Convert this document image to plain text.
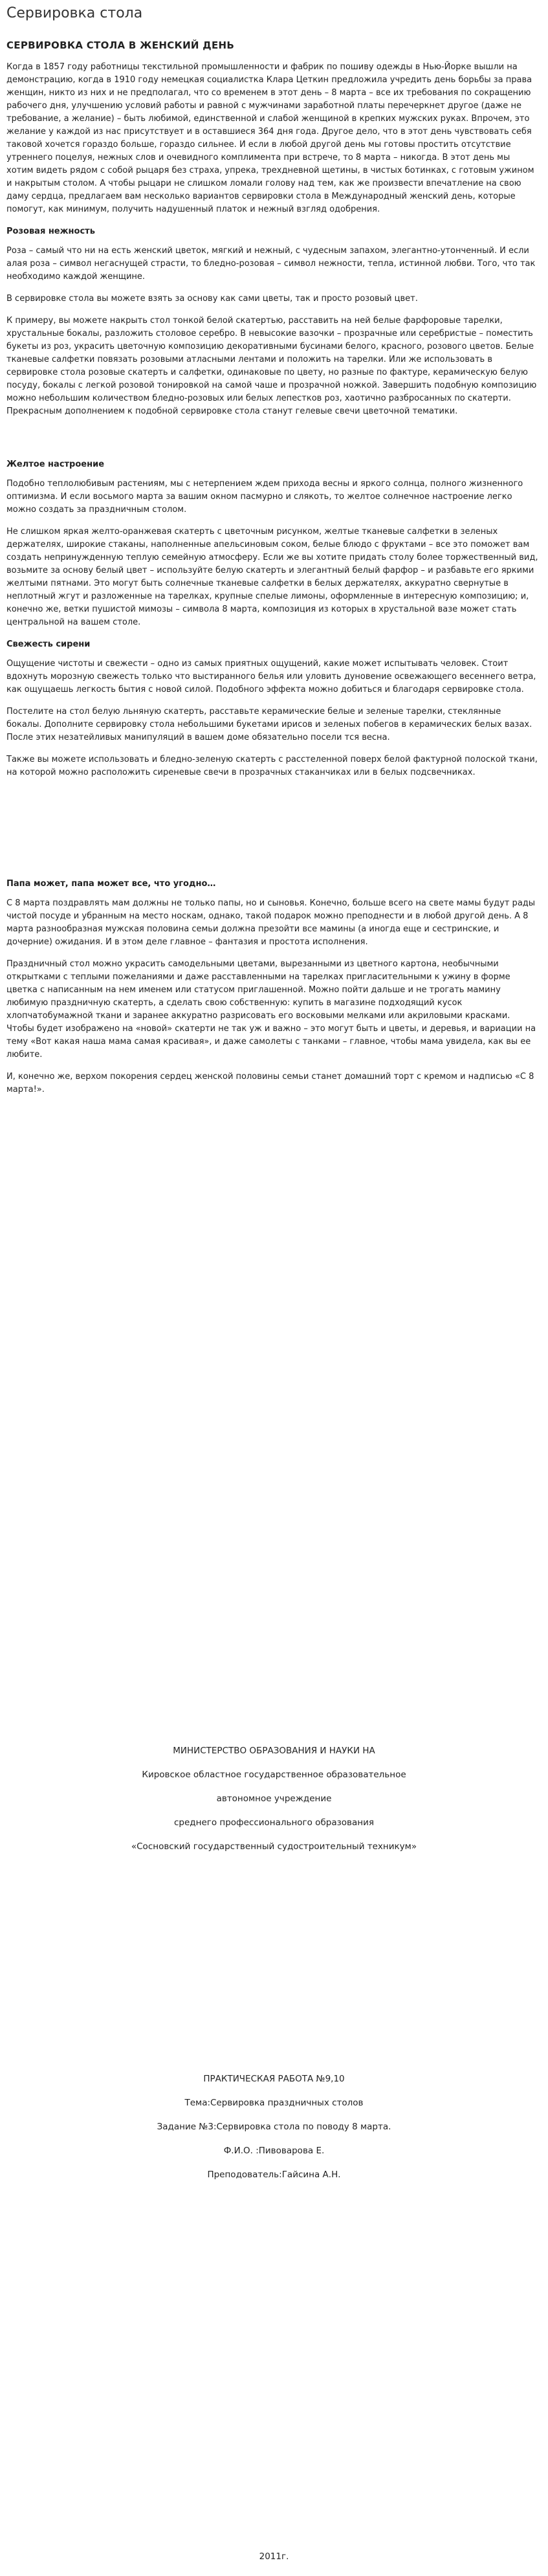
Сервировка стола
СЕРВИРОВКА СТОЛА В ЖЕНСКИЙ ДЕНЬ

Когда в 1857 году работницы текстильной промышленности и фабрик по пошиву одежды в Нью-Йорке вышли на демонстрацию, когда в 1910 году немецкая социалистка Клара Цеткин предложила учредить день борьбы за права женщин, никто из них и не предполагал, что со временем в этот день – 8 марта – все их требования по сокращению рабочего дня, улучшению условий работы и равной с мужчинами заработной платы перечеркнет другое (даже не требование, а желание) – быть любимой, единственной и слабой женщиной в крепких мужских руках. Впрочем, это желание у каждой из нас присутствует и в оставшиеся 364 дня года. Другое дело, что в этот день чувствовать себя таковой хочется гораздо больше, гораздо сильнее. И если в любой другой день мы готовы простить отсутствие утреннего поцелуя, нежных слов и очевидного комплимента при встрече, то 8 марта – никогда. В этот день мы хотим видеть рядом с собой рыцаря без страха, упрека, трехдневной щетины, в чистых ботинках, с готовым ужином и накрытым столом. А чтобы рыцари не слишком ломали голову над тем, как же произвести впечатление на свою даму сердца, предлагаем вам несколько вариантов сервировки стола в Международный женский день, которые помогут, как минимум, получить надушенный платок и нежный взгляд одобрения.

Розовая нежность

Роза – самый что ни на есть женский цветок, мягкий и нежный, с чудесным запахом, элегантно-утонченный. И если алая роза – символ негаснущей страсти, то бледно-розовая – символ нежности, тепла, истинной любви. Того, что так необходимо каждой женщине.

В сервировке стола вы можете взять за основу как сами цветы, так и просто розовый цвет.

К примеру, вы можете накрыть стол тонкой белой скатертью, расставить на ней белые фарфоровые тарелки, хрустальные бокалы, разложить столовое серебро. В невысокие вазочки – прозрачные или серебристые – поместить букеты из роз, украсить цветочную композицию декоративными бусинами белого, красного, розового цветов. Белые тканевые салфетки повязать розовыми атласными лентами и положить на тарелки. Или же использовать в сервировке стола розовые скатерть и салфетки, одинаковые по цвету, но разные по фактуре, керамическую белую посуду, бокалы с легкой розовой тонировкой на самой чаше и прозрачной ножкой. Завершить подобную композицию можно небольшим количеством бледно-розовых или белых лепестков роз, хаотично разбросанных по скатерти. Прекрасным дополнением к подобной сервировке стола станут гелевые свечи цветочной тематики.

Желтое настроение

Подобно теплолюбивым растениям, мы с нетерпением ждем прихода весны и яркого солнца, полного жизненного оптимизма. И если восьмого марта за вашим окном пасмурно и слякоть, то желтое солнечное настроение легко можно создать за праздничным столом.

Не слишком яркая желто-оранжевая скатерть с цветочным рисунком, желтые тканевые салфетки в зеленых держателях, широкие стаканы, наполненные апельсиновым соком, белые блюдо с фруктами – все это поможет вам создать непринужденную теплую семейную атмосферу. Если же вы хотите придать столу более торжественный вид, возьмите за основу белый цвет – используйте белую скатерть и элегантный белый фарфор – и разбавьте его яркими желтыми пятнами. Это могут быть солнечные тканевые салфетки в белых держателях, аккуратно свернутые в неплотный жгут и разложенные на тарелках, крупные спелые лимоны, оформленные в интересную композицию; и, конечно же, ветки пушистой мимозы – символа 8 марта, композиция из которых в хрустальной вазе может стать центральной на вашем столе.

Свежесть сирени

Ощущение чистоты и свежести – одно из самых приятных ощущений, какие может испытывать человек. Стоит вдохнуть морозную свежесть только что выстиранного белья или уловить дуновение освежающего весеннего ветра, как ощущаешь легкость бытия с новой силой. Подобного эффекта можно добиться и благодаря сервировке стола.

Постелите на стол белую льняную скатерть, расставьте керамические белые и зеленые тарелки, стеклянные бокалы. Дополните сервировку стола небольшими букетами ирисов и зеленых побегов в керамических белых вазах. После этих незатейливых манипуляций в вашем доме обязательно посели тся весна.

Также вы можете использовать и бледно-зеленую скатерть с расстеленной поверх белой фактурной полоской ткани, на которой можно расположить сиреневые свечи в прозрачных стаканчиках или в белых подсвечниках.

Папа может, папа может все, что угодно…

С 8 марта поздравлять мам должны не только папы, но и сыновья. Конечно, больше всего на свете мамы будут рады чистой посуде и убранным на место носкам, однако, такой подарок можно преподнести и в любой другой день. А 8 марта разнообразная мужская половина семьи должна презойти все мамины (а иногда еще и сестринские, и дочерние) ожидания. И в этом деле главное – фантазия и простота исполнения.

Праздничный стол можно украсить самодельными цветами, вырезанными из цветного картона, необычными открытками с теплыми пожеланиями и даже расставленными на тарелках пригласительными к ужину в форме цветка с написанным на нем именем или статусом приглашенной. Можно пойти дальше и не трогать мамину любимую праздничную скатерть, а сделать свою собственную: купить в магазине подходящий кусок хлопчатобумажной ткани и заранее аккуратно разрисовать его восковыми мелками или акриловыми красками. Чтобы будет изображено на «новой» скатерти не так уж и важно – это могут быть и цветы, и деревья, и вариации на тему «Вот какая наша мама самая красивая», и даже самолеты с танками – главное, чтобы мама увидела, как вы ее любите.

И, конечно же, верхом покорения сердец женской половины семьи станет домашний торт с кремом и надписью «С 8 марта!».

МИНИСТЕРСТВО ОБРАЗОВАНИЯ И НАУКИ НА
Кировское областное государственное образовательное
автономное учреждение
среднего профессионального образования
«Сосновский государственный судостроительный техникум»
ПРАКТИЧЕСКАЯ РАБОТА №9,10
Тема:Сервировка праздничных столов
Задание №3:Сервировка стола по поводу 8 марта.
Ф.И.О. :Пивоварова Е.
Преподователь:Гайсина А.Н.
2011г.
